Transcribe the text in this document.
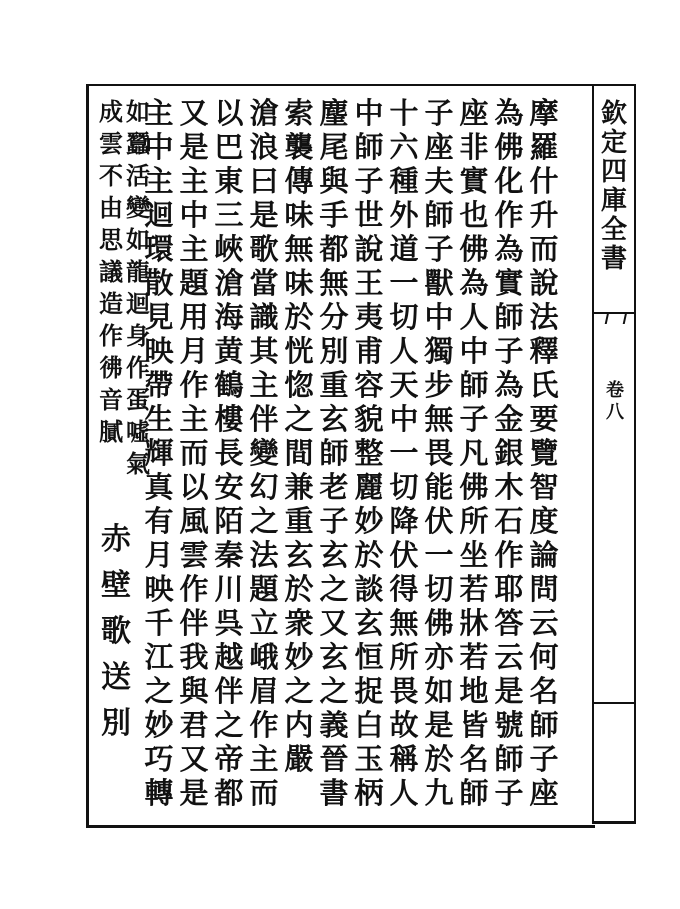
欽
定
四
庫
全
書
卷
八
摩
羅
什
升
而
說
法
釋
氏
要
覽
智
度
論
問
云
何
名
師
子
座
為
佛
化
作
為
實
師
子
為
金
銀
木
石
作
耶
答
云
是
號
師
子
座
非
實
也
佛
為
人
中
師
子
凡
佛
所
坐
若
牀
若
地
皆
名
師
子
座
夫
師
子
獸
中
獨
步
無
畏
能
伏
一
切
佛
亦
如
是
於
九
十
六
種
外
道
一
切
人
天
中
一
切
降
伏
得
無
所
畏
故
稱
人
中
師
子
世
說
王
夷
甫
容
貌
整
麗
妙
於
談
玄
恒
捉
白
玉
柄
麈
尾
與
手
都
無
分
別
重
玄
師
老
子
玄
之
又
玄
之
義
晉
書
索
襲
傳
味
無
味
於
恍
惚
之
間
兼
重
玄
於
衆
妙
之
内
嚴
滄
浪
曰
是
歌
當
識
其
主
伴
變
幻
之
法
題
立
峨
眉
作
主
而
以
巴
東
三
峽
滄
海
黄
鶴
樓
長
安
陌
秦
川
呉
越
伴
之
帝
都
又
是
主
中
主
題
用
月
作
主
而
以
風
雲
作
伴
我
與
君
又
是
主
中
主
迴
環
散
見
映
帶
生
輝
真
有
月
映
千
江
之
妙
巧
轉
如
蠶
活
變
如
龍
迴
身
作
蛋
噓
氣
成
雲
不
由
思
議
造
作
彿
音
膩
赤
壁
歌
送
別
